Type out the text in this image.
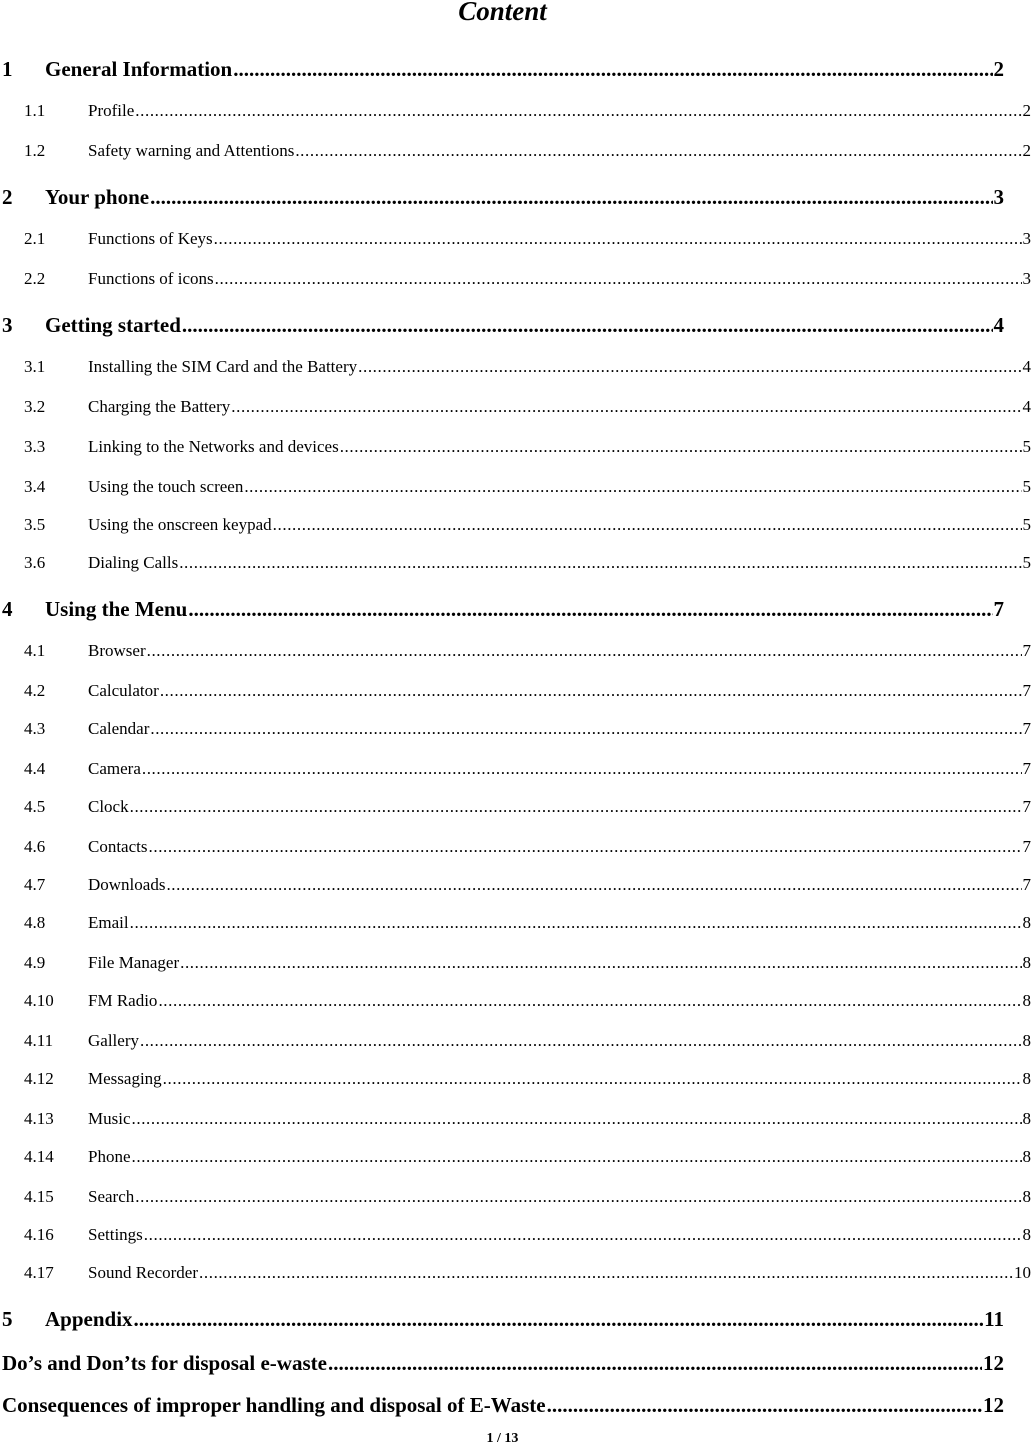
Content
1	General Information .....	2
1.1	Profile .....	2
1.2	Safety warning and Attentions .....	2
2	Your phone .....	3
2.1	Functions of Keys .....	3
2.2	Functions of icons .....	3
3	Getting started .....	4
3.1	Installing the SIM Card and the Battery .....	4
3.2	Charging the Battery .....	4
3.3	Linking to the Networks and devices .....	5
3.4	Using the touch screen .....	5
3.5	Using the onscreen keypad .....	5
3.6	Dialing Calls .....	5
4	Using the Menu .....	7
4.1	Browser .....	7
4.2	Calculator .....	7
4.3	Calendar .....	7
4.4	Camera .....	7
4.5	Clock .....	7
4.6	Contacts .....	7
4.7	Downloads .....	7
4.8	Email .....	8
4.9	File Manager .....	8
4.10	FM Radio .....	8
4.11	Gallery .....	8
4.12	Messaging .....	8
4.13	Music .....	8
4.14	Phone .....	8
4.15	Search .....	8
4.16	Settings .....	8
4.17	Sound Recorder .....	10
5	Appendix .....	11
Do’s and Don’ts for disposal e-waste .....	12
Consequences of improper handling and disposal of E-Waste .....	12
1 / 13
